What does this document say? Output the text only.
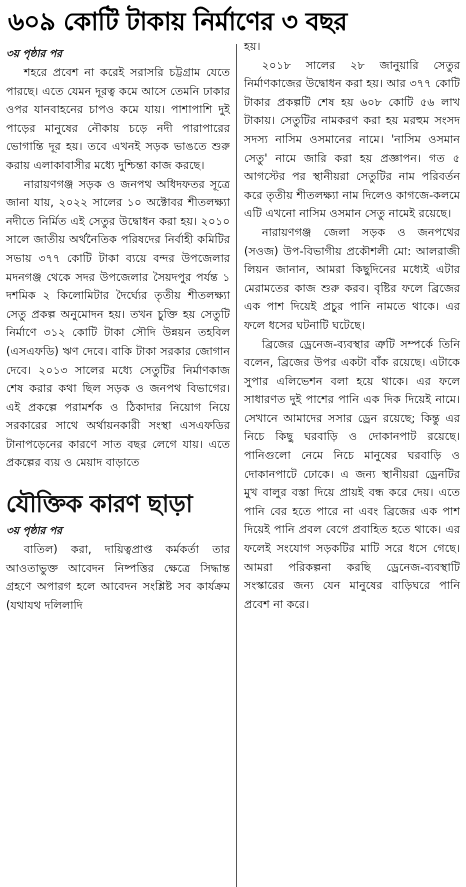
৬০৯ কোটি টাকায় নির্মাণের ৩ বছর

৩য় পৃষ্ঠার পর

শহরে প্রবেশ না করেই সরাসরি চট্টগ্রাম যেতে পারছে। এতে যেমন দূরত্ব কমে আসে তেমনি ঢাকার ওপর যানবাহনের চাপও কমে যায়। পাশাপাশি দুই পাড়ের মানুষের নৌকায় চড়ে নদী পারাপারের ভোগান্তি দূর হয়। তবে এখনই সড়ক ভাঙতে শুরু করায় এলাকাবাসীর মধ্যে দুশ্চিন্তা কাজ করছে।

নারায়ণগঞ্জ সড়ক ও জনপথ অধিদফতর সূত্রে জানা যায়, ২০২২ সালের ১০ অক্টোবর শীতলক্ষ্যা নদীতে নির্মিত এই সেতুর উদ্বোধন করা হয়। ২০১০ সালে জাতীয় অর্থনৈতিক পরিষদের নির্বাহী কমিটির সভায় ৩৭৭ কোটি টাকা ব্যয়ে বন্দর উপজেলার মদনগঞ্জ থেকে সদর উপজেলার সৈয়দপুর পর্যন্ত ১ দশমিক ২ কিলোমিটার দৈর্ঘ্যের তৃতীয় শীতলক্ষ্যা সেতু প্রকল্প অনুমোদন হয়। তখন চুক্তি হয় সেতুটি নির্মাণে ৩১২ কোটি টাকা সৌদি উন্নয়ন তহবিল (এসএফডি) ঋণ দেবে। বাকি টাকা সরকার জোগান দেবে। ২০১৩ সালের মধ্যে সেতুটির নির্মাণকাজ শেষ করার কথা ছিল সড়ক ও জনপথ বিভাগের। এই প্রকল্পে পরামর্শক ও ঠিকাদার নিয়োগ নিয়ে সরকারের সাথে অর্থায়নকারী সংস্থা এসএফডির টানাপড়েনের কারণে সাত বছর লেগে যায়। এতে প্রকল্পের ব্যয় ও মেয়াদ বাড়াতে

যৌক্তিক কারণ ছাড়া

৩য় পৃষ্ঠার পর

বাতিল) করা, দায়িত্বপ্রাপ্ত কর্মকর্তা তার আওতাভুক্ত আবেদন নিষ্পত্তির ক্ষেত্রে সিদ্ধান্ত গ্রহণে অপারগ হলে আবেদন সংশ্লিষ্ট সব কার্যক্রম (যথাযথ দলিলাদি

হয়।

২০১৮ সালের ২৮ জানুয়ারি সেতুর নির্মাণকাজের উদ্বোধন করা হয়। আর ৩৭৭ কোটি টাকার প্রকল্পটি শেষ হয় ৬০৮ কোটি ৫৬ লাখ টাকায়। সেতুটির নামকরণ করা হয় মরহুম সংসদ সদস্য নাসিম ওসমানের নামে। 'নাসিম ওসমান সেতু' নামে জারি করা হয় প্রজ্ঞাপন। গত ৫ আগস্টের পর স্থানীয়রা সেতুটির নাম পরিবর্তন করে তৃতীয় শীতলক্ষ্যা নাম দিলেও কাগজে-কলমে এটি এখনো নাসিম ওসমান সেতু নামেই রয়েছে।

নারায়ণগঞ্জ জেলা সড়ক ও জনপথের (সওজ) উপ-বিভাগীয় প্রকৌশলী মো: আলরাজী লিয়ন জানান, আমরা কিছুদিনের মধ্যেই এটার মেরামতের কাজ শুরু করব। বৃষ্টির ফলে ব্রিজের এক পাশ দিয়েই প্রচুর পানি নামতে থাকে। এর ফলে ধসের ঘটনাটি ঘটেছে।

ব্রিজের ড্রেনেজ-ব্যবস্থার ত্রুটি সম্পর্কে তিনি বলেন, ব্রিজের উপর একটা বাঁক রয়েছে। এটাকে সুপার এলিভেশন বলা হয়ে থাকে। এর ফলে সাধারণত দুই পাশের পানি এক দিক দিয়েই নামে। সেখানে আমাদের সসার ড্রেন রয়েছে; কিন্তু এর নিচে কিছু ঘরবাড়ি ও দোকানপাট রয়েছে। পানিগুলো নেমে নিচে মানুষের ঘরবাড়ি ও দোকানপাটে ঢোকে। এ জন্য স্থানীয়রা ড্রেনটির মুখ বালুর বস্তা দিয়ে প্রায়ই বন্ধ করে দেয়। এতে পানি বের হতে পারে না এবং ব্রিজের এক পাশ দিয়েই পানি প্রবল বেগে প্রবাহিত হতে থাকে। এর ফলেই সংযোগ সড়কটির মাটি সরে ধসে গেছে। আমরা পরিকল্পনা করছি ড্রেনেজ-ব্যবস্থাটি সংস্কারের জন্য যেন মানুষের বাড়িঘরে পানি প্রবেশ না করে।
